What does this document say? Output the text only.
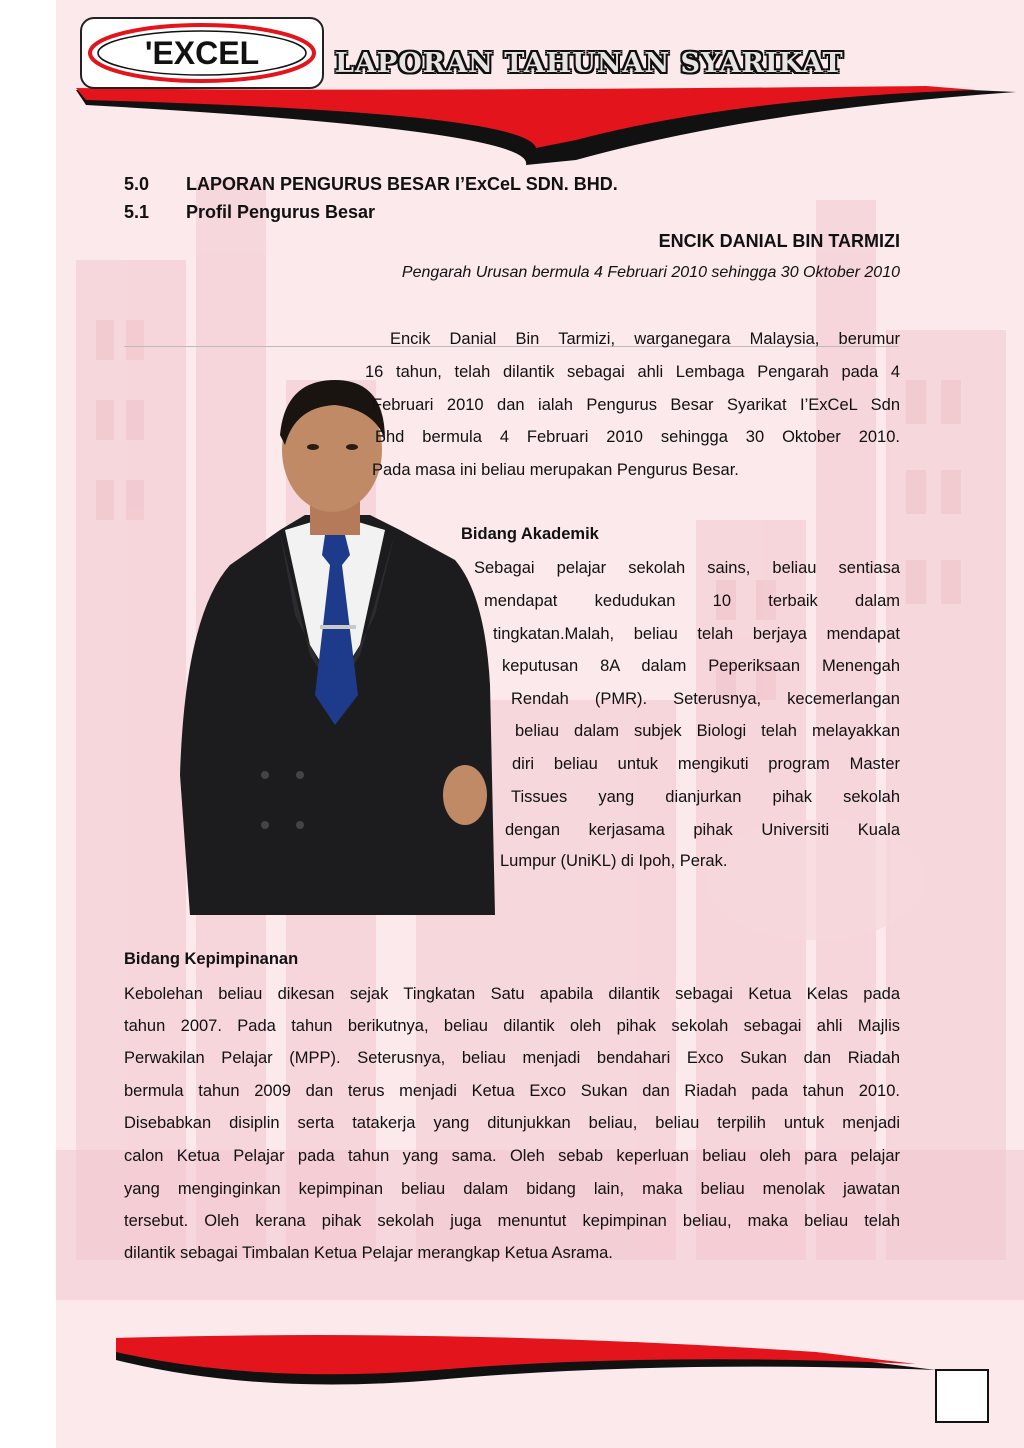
'EXCEL	LAPORAN TAHUNAN SYARIKAT
5.0 LAPORAN PENGURUS BESAR I’ExCeL SDN. BHD.
5.1 Profil Pengurus Besar
ENCIK DANIAL BIN TARMIZI
Pengarah Urusan bermula 4 Februari 2010 sehingga 30 Oktober 2010
Encik Danial Bin Tarmizi, warganegara Malaysia, berumur
16 tahun, telah dilantik sebagai ahli Lembaga Pengarah pada 4
Februari 2010 dan ialah Pengurus Besar Syarikat I’ExCeL Sdn
Bhd bermula 4 Februari 2010 sehingga 30 Oktober 2010.
Pada masa ini beliau merupakan Pengurus Besar.
Bidang Akademik
Sebagai pelajar sekolah sains, beliau sentiasa
mendapat kedudukan 10 terbaik dalam
tingkatan.Malah, beliau telah berjaya mendapat
keputusan 8A dalam Peperiksaan Menengah
Rendah (PMR). Seterusnya, kecemerlangan
beliau dalam subjek Biologi telah melayakkan
diri beliau untuk mengikuti program Master
Tissues yang dianjurkan pihak sekolah
dengan kerjasama pihak Universiti Kuala
Lumpur (UniKL) di Ipoh, Perak.
Bidang Kepimpinanan
Kebolehan beliau dikesan sejak Tingkatan Satu apabila dilantik sebagai Ketua Kelas pada
tahun 2007. Pada tahun berikutnya, beliau dilantik oleh pihak sekolah sebagai ahli Majlis
Perwakilan Pelajar (MPP). Seterusnya, beliau menjadi bendahari Exco Sukan dan Riadah
bermula tahun 2009 dan terus menjadi Ketua Exco Sukan dan Riadah pada tahun 2010.
Disebabkan disiplin serta tatakerja yang ditunjukkan beliau, beliau terpilih untuk menjadi
calon Ketua Pelajar pada tahun yang sama. Oleh sebab keperluan beliau oleh para pelajar
yang menginginkan kepimpinan beliau dalam bidang lain, maka beliau menolak jawatan
tersebut. Oleh kerana pihak sekolah juga menuntut kepimpinan beliau, maka beliau telah
dilantik sebagai Timbalan Ketua Pelajar merangkap Ketua Asrama.
